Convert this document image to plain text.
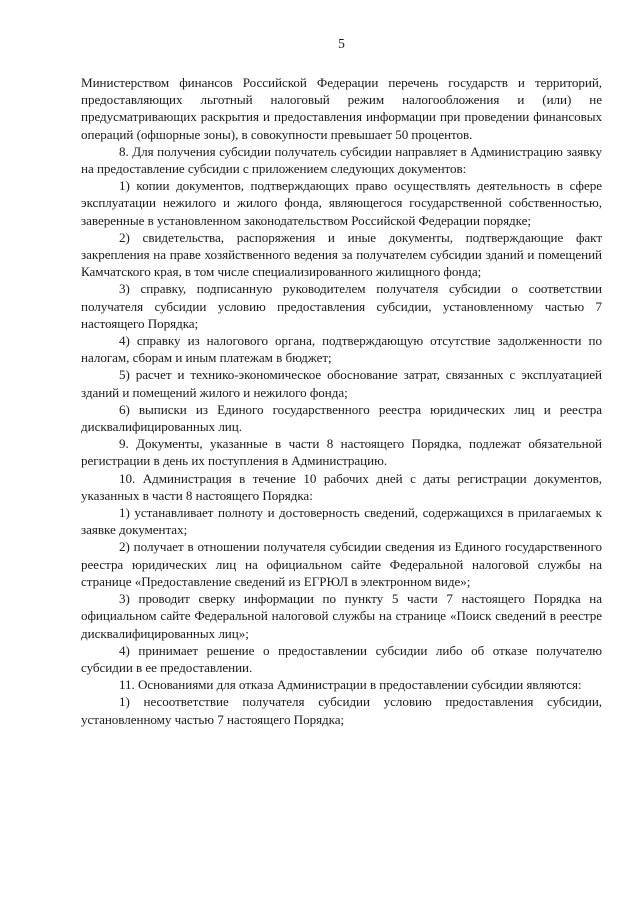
5

Министерством финансов Российской Федерации перечень государств и территорий, предоставляющих льготный налоговый режим налогообложения и (или) не предусматривающих раскрытия и предоставления информации при проведении финансовых операций (офшорные зоны), в совокупности превышает 50 процентов.

8. Для получения субсидии получатель субсидии направляет в Администрацию заявку на предоставление субсидии с приложением следующих документов:

1) копии документов, подтверждающих право осуществлять деятельность в сфере эксплуатации нежилого и жилого фонда, являющегося государственной собственностью, заверенные в установленном законодательством Российской Федерации порядке;

2) свидетельства, распоряжения и иные документы, подтверждающие факт закрепления на праве хозяйственного ведения за получателем субсидии зданий и помещений Камчатского края, в том числе специализированного жилищного фонда;

3) справку, подписанную руководителем получателя субсидии о соответствии получателя субсидии условию предоставления субсидии, установленному частью 7 настоящего Порядка;

4) справку из налогового органа, подтверждающую отсутствие задолженности по налогам, сборам и иным платежам в бюджет;

5) расчет и технико-экономическое обоснование затрат, связанных с эксплуатацией зданий и помещений жилого и нежилого фонда;

6) выписки из Единого государственного реестра юридических лиц и реестра дисквалифицированных лиц.

9. Документы, указанные в части 8 настоящего Порядка, подлежат обязательной регистрации в день их поступления в Администрацию.

10. Администрация в течение 10 рабочих дней с даты регистрации документов, указанных в части 8 настоящего Порядка:

1) устанавливает полноту и достоверность сведений, содержащихся в прилагаемых к заявке документах;

2) получает в отношении получателя субсидии сведения из Единого государственного реестра юридических лиц на официальном сайте Федеральной налоговой службы на странице «Предоставление сведений из ЕГРЮЛ в электронном виде»;

3) проводит сверку информации по пункту 5 части 7 настоящего Порядка на официальном сайте Федеральной налоговой службы на странице «Поиск сведений в реестре дисквалифицированных лиц»;

4) принимает решение о предоставлении субсидии либо об отказе получателю субсидии в ее предоставлении.

11. Основаниями для отказа Администрации в предоставлении субсидии являются:

1) несоответствие получателя субсидии условию предоставления субсидии, установленному частью 7 настоящего Порядка;
